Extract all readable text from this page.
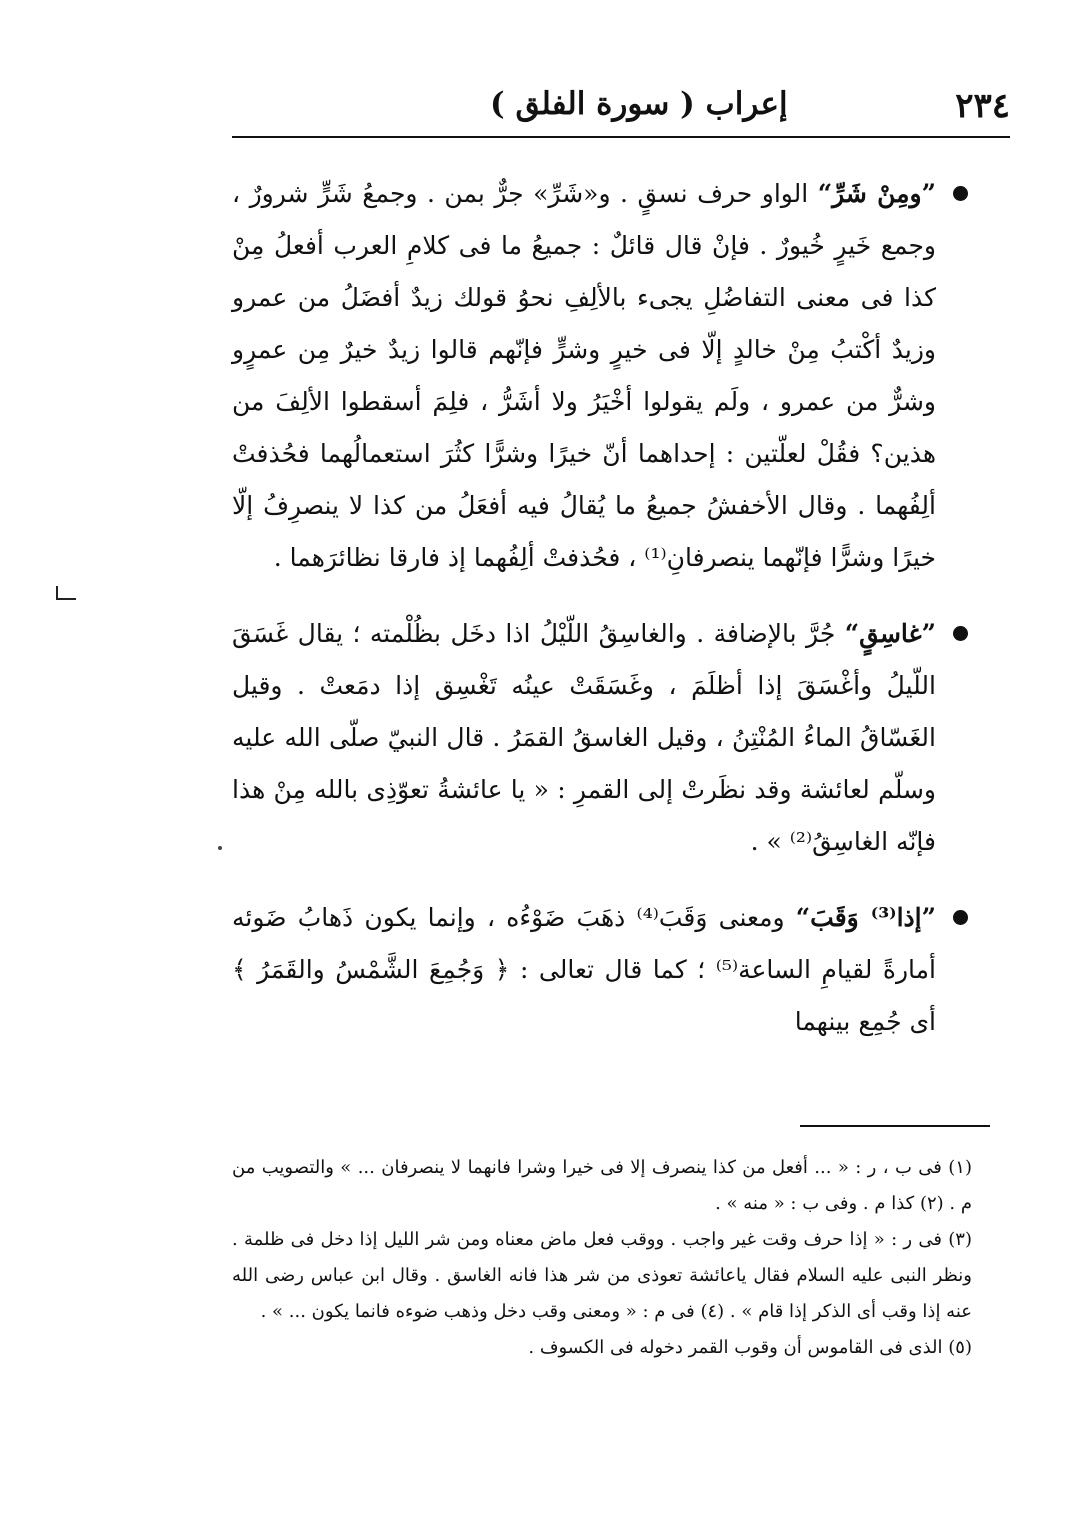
٢٣٤
إعراب ( سورة الفلق )

”ومِنْ شَرِّ“ الواو حرف نسقٍ . و«شَرِّ» جرٌّ بمن . وجمعُ شَرٍّ شرورٌ ، وجمع خَيرٍ خُيورٌ . فإنْ قال قائلٌ : جميعُ ما فى كلامِ العرب أفعلُ مِنْ كذا فى معنى التفاضُلِ يجىء بالألِفِ نحوُ قولك زيدٌ أفضَلُ من عمرو وزيدٌ أكْتبُ مِنْ خالدٍ إلّا فى خيرٍ وشرٍّ فإنّهم قالوا زيدٌ خيرٌ مِن عمرٍو وشرٌّ من عمرو ، ولَم يقولوا أخْيَرُ ولا أشَرُّ ، فلِمَ أسقطوا الألِفَ من هذين؟ فقُلْ لعلّتين : إحداهما أنّ خيرًا وشرًّا كثُرَ استعمالُهما فحُذفتْ ألِفُهما . وقال الأخفشُ جميعُ ما يُقالُ فيه أفعَلُ من كذا لا ينصرِفُ إلّا خيرًا وشرًّا فإنّهما ينصرفانِ⁽¹⁾ ، فحُذفتْ ألِفُهما إذ فارقا نظائرَهما .

”غاسِقٍ“ جُرَّ بالإضافة . والغاسِقُ اللّيْلُ اذا دخَل بظُلْمته ؛ يقال غَسَقَ اللّيلُ وأغْسَقَ إذا أظلَمَ ، وغَسَقَتْ عينُه تَغْسِق إذا دمَعتْ . وقيل الغَسّاقُ الماءُ المُنْتِنُ ، وقيل الغاسقُ القمَرُ . قال النبيّ صلّى الله عليه وسلّم لعائشة وقد نظَرتْ إلى القمرِ : « يا عائشةُ تعوّذِى بالله مِنْ هذا فإنّه الغاسِقُ⁽²⁾ » .

”إذا⁽³⁾ وَقَبَ“ ومعنى وَقَبَ⁽⁴⁾ ذهَبَ ضَوْءُه ، وإنما يكون ذَهابُ ضَوئه أمارةً لقيامِ الساعة⁽⁵⁾ ؛ كما قال تعالى : ﴿ وَجُمِعَ الشَّمْسُ والقَمَرُ ﴾ أى جُمِع بينهما

(١) فى ب ، ر : « ... أفعل من كذا ينصرف إلا فى خيرا وشرا فانهما لا ينصرفان ... » والتصويب من م . (٢) كذا م . وفى ب : « منه » .

(٣) فى ر : « إذا حرف وقت غير واجب . ووقب فعل ماض معناه ومن شر الليل إذا دخل فى ظلمة . ونظر النبى عليه السلام فقال ياعائشة تعوذى من شر هذا فانه الغاسق . وقال ابن عباس رضى الله عنه إذا وقب أى الذكر إذا قام » . (٤) فى م : « ومعنى وقب دخل وذهب ضوءه فانما يكون ... » .

(٥) الذى فى القاموس أن وقوب القمر دخوله فى الكسوف .
